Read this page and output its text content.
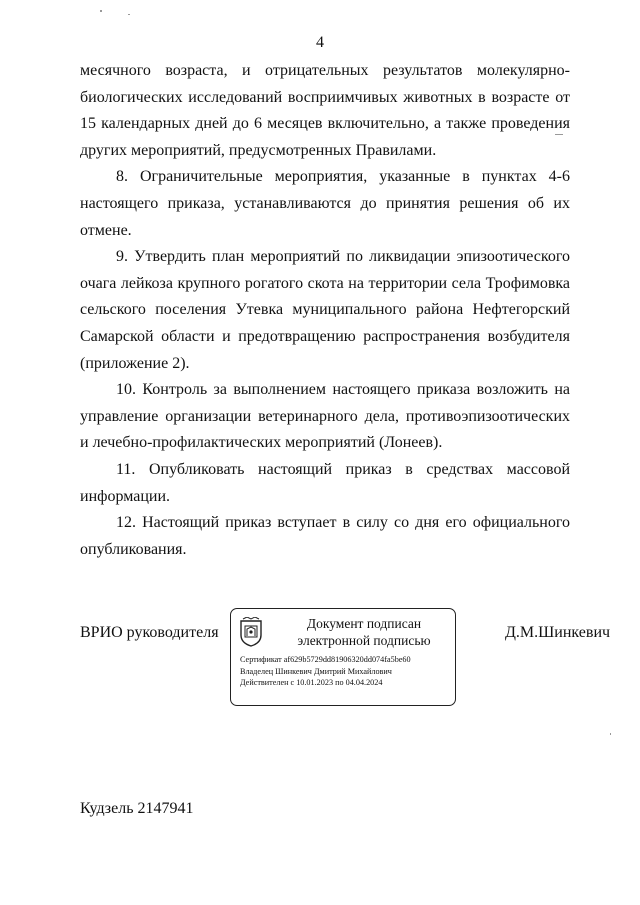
4

месячного возраста, и отрицательных результатов молекулярно-биологических исследований восприимчивых животных в возрасте от 15 календарных дней до 6 месяцев включительно, а также проведения других мероприятий, предусмотренных Правилами.

8. Ограничительные мероприятия, указанные в пунктах 4-6 настоящего приказа, устанавливаются до принятия решения об их отмене.

9. Утвердить план мероприятий по ликвидации эпизоотического очага лейкоза крупного рогатого скота на территории села Трофимовка сельского поселения Утевка муниципального района Нефтегорский Самарской области и предотвращению распространения возбудителя (приложение 2).

10. Контроль за выполнением настоящего приказа возложить на управление организации ветеринарного дела, противоэпизоотических и лечебно-профилактических мероприятий (Лонеев).

11. Опубликовать настоящий приказ в средствах массовой информации.

12. Настоящий приказ вступает в силу со дня его официального опубликования.

ВРИО руководителя
Документ подписан
электронной подписью
Сертификат af629b5729dd81906320dd074fa5be60
Владелец Шинкевич Дмитрий Михайлович
Действителен с 10.01.2023 по 04.04.2024
Д.М.Шинкевич
Кудзель 2147941
